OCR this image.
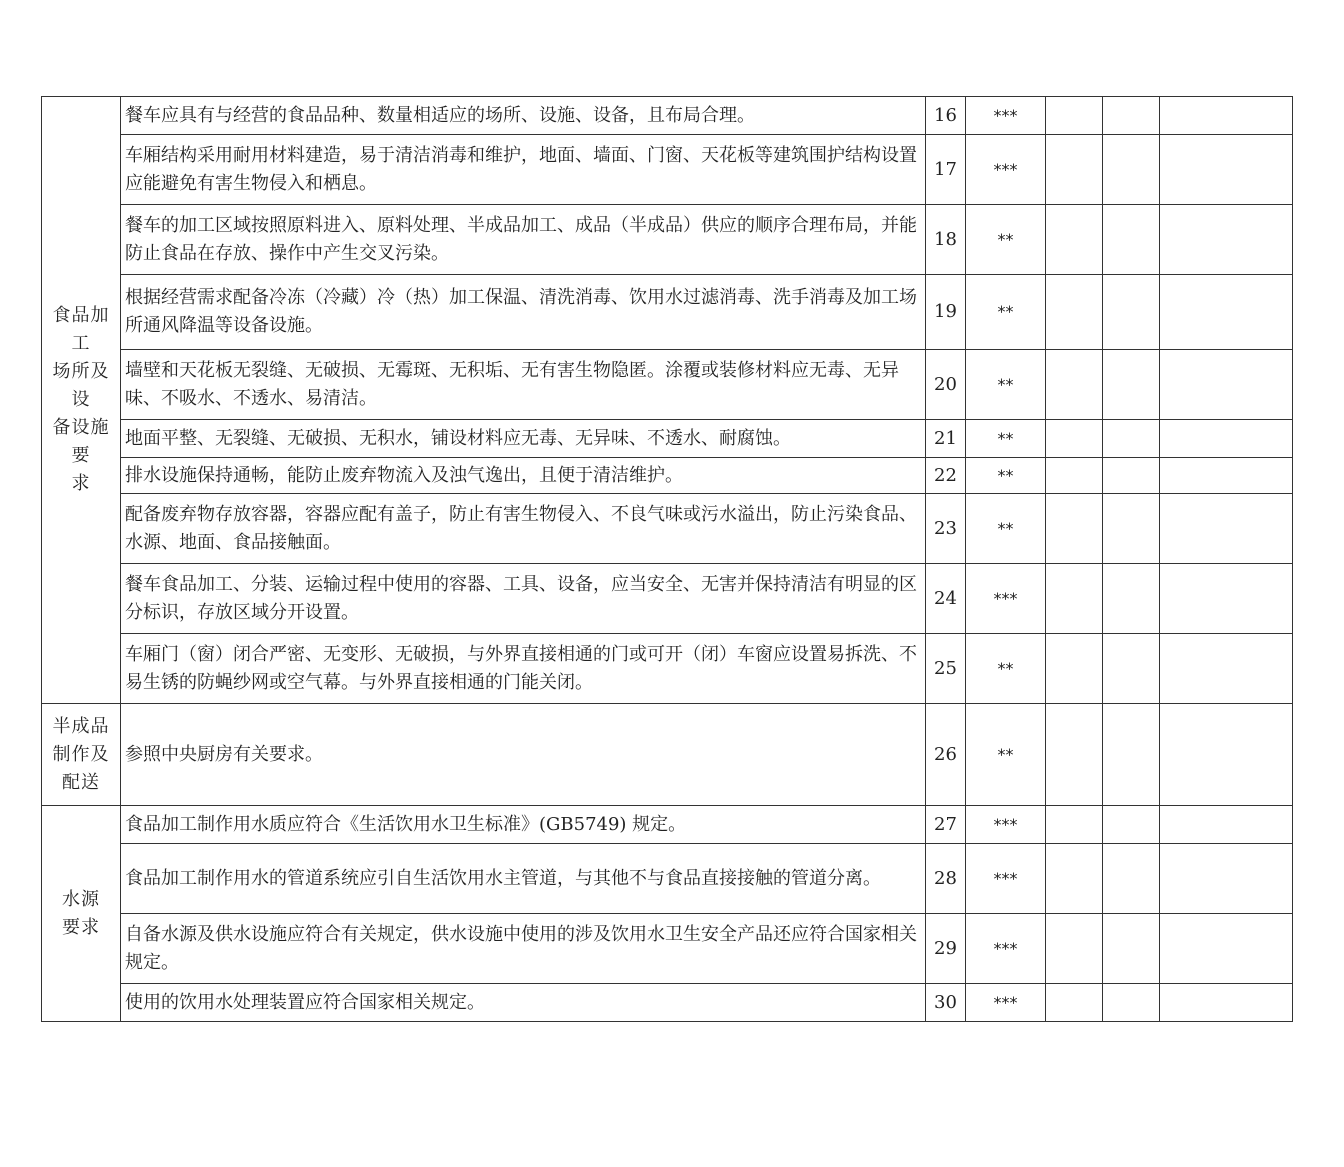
食品加工
场所及设
备设施要
求	餐车应具有与经营的食品品种、数量相适应的场所、设施、设备，且布局合理。	16	***			
	车厢结构采用耐用材料建造，易于清洁消毒和维护，地面、墙面、门窗、天花板等建筑围护结构设置应能避免有害生物侵入和栖息。	17	***			
	餐车的加工区域按照原料进入、原料处理、半成品加工、成品（半成品）供应的顺序合理布局，并能防止食品在存放、操作中产生交叉污染。	18	**			
	根据经营需求配备冷冻（冷藏）冷（热）加工保温、清洗消毒、饮用水过滤消毒、洗手消毒及加工场所通风降温等设备设施。	19	**			
	墙壁和天花板无裂缝、无破损、无霉斑、无积垢、无有害生物隐匿。涂覆或装修材料应无毒、无异味、不吸水、不透水、易清洁。	20	**			
	地面平整、无裂缝、无破损、无积水，铺设材料应无毒、无异味、不透水、耐腐蚀。	21	**			
	排水设施保持通畅，能防止废弃物流入及浊气逸出，且便于清洁维护。	22	**			
	配备废弃物存放容器，容器应配有盖子，防止有害生物侵入、不良气味或污水溢出，防止污染食品、水源、地面、食品接触面。	23	**			
	餐车食品加工、分装、运输过程中使用的容器、工具、设备，应当安全、无害并保持清洁有明显的区分标识，存放区域分开设置。	24	***			
	车厢门（窗）闭合严密、无变形、无破损，与外界直接相通的门或可开（闭）车窗应设置易拆洗、不易生锈的防蝇纱网或空气幕。与外界直接相通的门能关闭。	25	**			
半成品
制作及
配送	参照中央厨房有关要求。	26	**			
水源
要求	食品加工制作用水质应符合《生活饮用水卫生标准》(GB5749) 规定。	27	***			
	食品加工制作用水的管道系统应引自生活饮用水主管道，与其他不与食品直接接触的管道分离。	28	***			
	自备水源及供水设施应符合有关规定，供水设施中使用的涉及饮用水卫生安全产品还应符合国家相关规定。	29	***			
	使用的饮用水处理装置应符合国家相关规定。	30	***			
